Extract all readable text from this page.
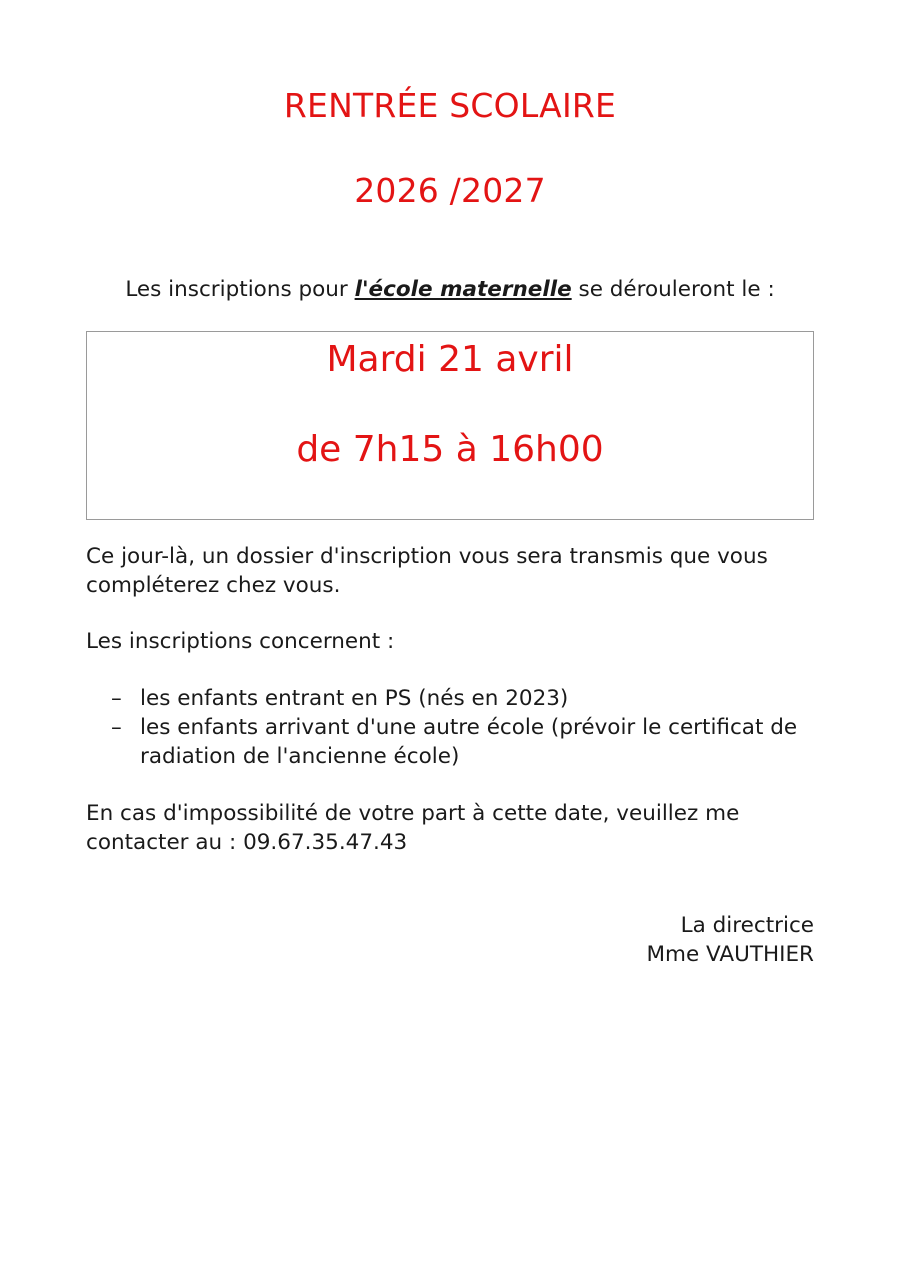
RENTRÉE SCOLAIRE
2026 /2027
Les inscriptions pour l'école maternelle se dérouleront le :
Mardi 21 avril
de 7h15 à 16h00

Ce jour-là, un dossier d'inscription vous sera transmis que vous compléterez chez vous.

Les inscriptions concernent :

– les enfants entrant en PS (nés en 2023)
– les enfants arrivant d'une autre école (prévoir le certificat de radiation de l'ancienne école)

En cas d'impossibilité de votre part à cette date, veuillez me contacter au : 09.67.35.47.43

La directrice
Mme VAUTHIER
